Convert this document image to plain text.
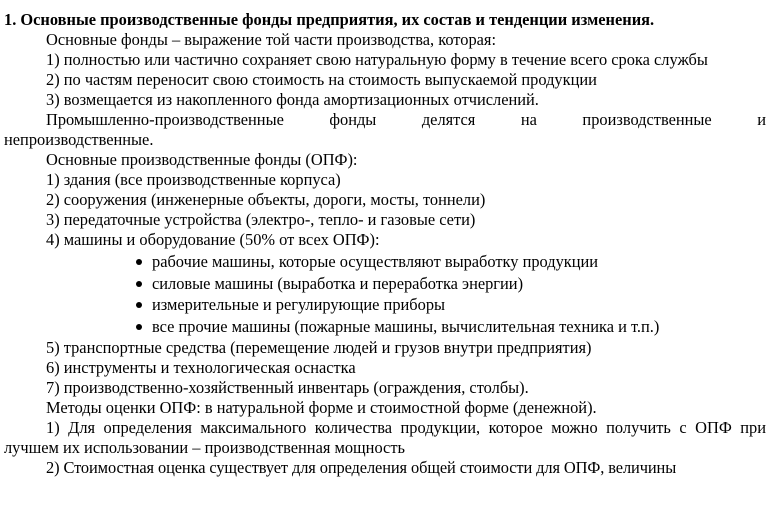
1. Основные производственные фонды предприятия, их состав и тенденции изменения.

Основные фонды – выражение той части производства, которая:

1) полностью или частично сохраняет свою натуральную форму в течение всего срока службы

2) по частям переносит свою стоимость на стоимость выпускаемой продукции

3) возмещается из накопленного фонда амортизационных отчислений.

Промышленно-производственные фонды делятся на производственные и

непроизводственные.

Основные производственные фонды (ОПФ):

1) здания (все производственные корпуса)

2) сооружения (инженерные объекты, дороги, мосты, тоннели)

3) передаточные устройства (электро-, тепло- и газовые сети)

4) машины и оборудование (50% от всех ОПФ):

рабочие машины, которые осуществляют выработку продукции
силовые машины (выработка и переработка энергии)
измерительные и регулирующие приборы
все прочие машины (пожарные машины, вычислительная техника и т.п.)

5) транспортные средства (перемещение людей и грузов внутри предприятия)

6) инструменты и технологическая оснастка

7) производственно-хозяйственный инвентарь (ограждения, столбы).

Методы оценки ОПФ: в натуральной форме и стоимостной форме (денежной).

1) Для определения максимального количества продукции, которое можно получить с ОПФ при лучшем их использовании – производственная мощность

2) Стоимостная оценка существует для определения общей стоимости для ОПФ, величины
